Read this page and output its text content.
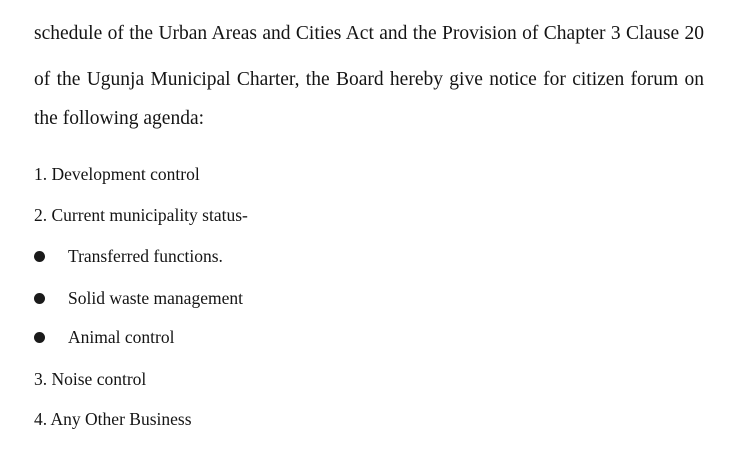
schedule of the Urban Areas and Cities Act and the Provision of Chapter 3 Clause 20
of the Ugunja Municipal Charter, the Board hereby give notice for citizen forum on
the following agenda:
1. Development control
2. Current municipality status-
Transferred functions.
Solid waste management
Animal control
3. Noise control
4. Any Other Business
